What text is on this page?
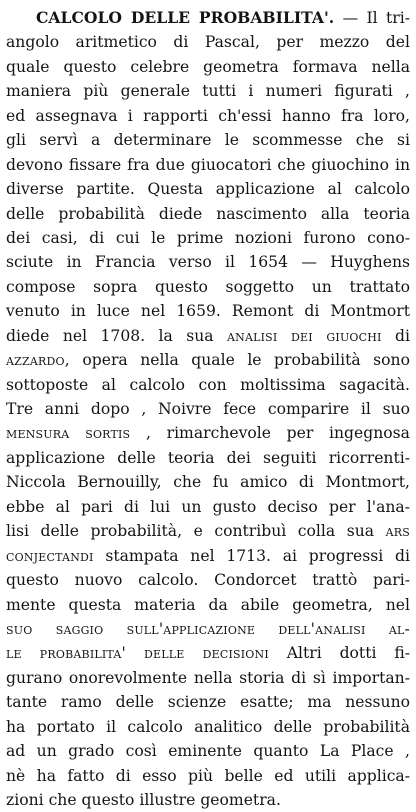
CALCOLO DELLE PROBABILITA'. — Il tri-
angolo aritmetico di Pascal, per mezzo del
quale questo celebre geometra formava nella
maniera più generale tutti i numeri figurati ,
ed assegnava i rapporti ch'essi hanno fra loro,
gli servì a determinare le scommesse che si
devono fissare fra due giuocatori che giuochino in
diverse partite. Questa applicazione al calcolo
delle probabilità diede nascimento alla teoria
dei casi, di cui le prime nozioni furono cono-
sciute in Francia verso il 1654 — Huyghens
compose sopra questo soggetto un trattato
venuto in luce nel 1659. Remont di Montmort
diede nel 1708. la sua analisi dei giuochi di
azzardo, opera nella quale le probabilità sono
sottoposte al calcolo con moltissima sagacità.
Tre anni dopo , Noivre fece comparire il suo
mensura sortis , rimarchevole per ingegnosa
applicazione delle teoria dei seguiti ricorrenti-
Niccola Bernouilly, che fu amico di Montmort,
ebbe al pari di lui un gusto deciso per l'ana-
lisi delle probabilità, e contribuì colla sua ars
conjectandi stampata nel 1713. ai progressi di
questo nuovo calcolo. Condorcet trattò pari-
mente questa materia da abile geometra, nel
suo saggio sull'applicazione dell'analisi al-
le probabilita' delle decisioni Altri dotti fi-
gurano onorevolmente nella storia di sì importan-
tante ramo delle scienze esatte; ma nessuno
ha portato il calcolo analitico delle probabilità
ad un grado così eminente quanto La Place ,
nè ha fatto di esso più belle ed utili applica-
zioni che questo illustre geometra.
